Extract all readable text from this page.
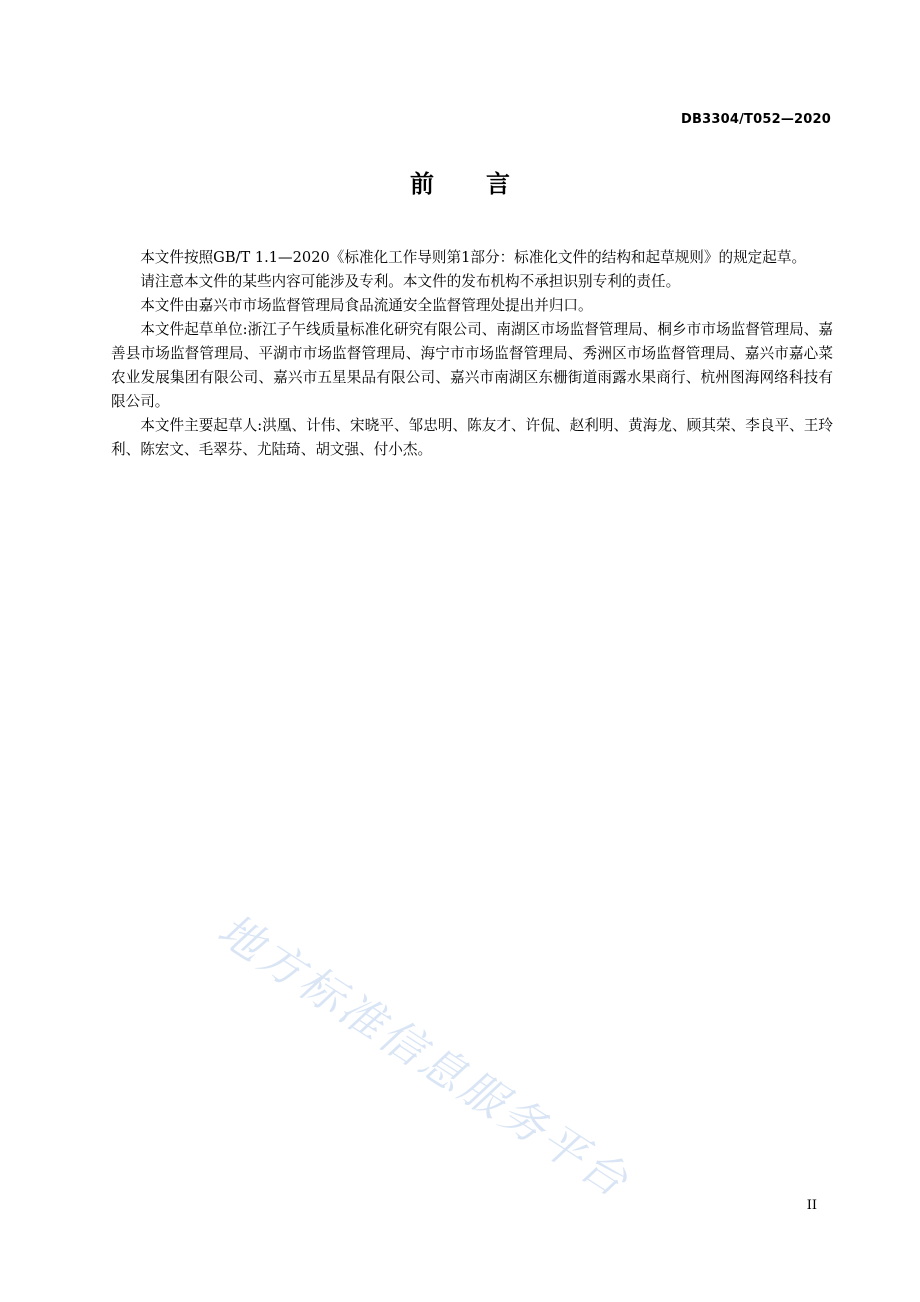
DB3304/T052—2020
前 言

本文件按照GB/T 1.1—2020《标准化工作导则第1部分：标准化文件的结构和起草规则》的规定起草。

请注意本文件的某些内容可能涉及专利。本文件的发布机构不承担识别专利的责任。

本文件由嘉兴市市场监督管理局食品流通安全监督管理处提出并归口。

本文件起草单位:浙江子午线质量标准化研究有限公司、南湖区市场监督管理局、桐乡市市场监督管理局、嘉善县市场监督管理局、平湖市市场监督管理局、海宁市市场监督管理局、秀洲区市场监督管理局、嘉兴市嘉心菜农业发展集团有限公司、嘉兴市五星果品有限公司、嘉兴市南湖区东栅街道雨露水果商行、杭州图海网络科技有限公司。

本文件主要起草人:洪凰、计伟、宋晓平、邹忠明、陈友才、许侃、赵利明、黄海龙、顾其荣、李良平、王玲利、陈宏文、毛翠芬、尤陆琦、胡文强、付小杰。

地方标准信息服务平台	II
